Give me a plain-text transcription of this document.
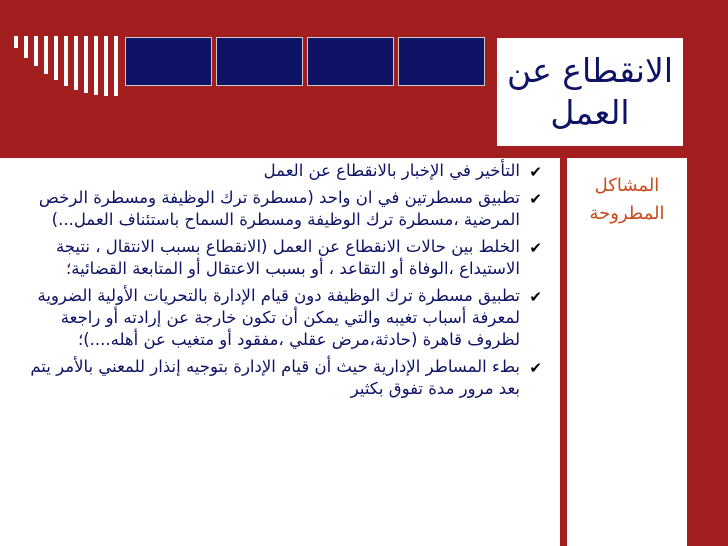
الانقطاع عن العمل
المشاكل المطروحة
✔
التأخير في الإخبار بالانقطاع عن العمل
✔
تطبيق مسطرتين في ان واحد (مسطرة ترك الوظيفة ومسطرة الرخص المرضية ،مسطرة ترك الوظيفة ومسطرة السماح باستئناف العمل...)
✔
الخلط بين حالات الانقطاع عن العمل (الانقطاع بسبب الانتقال ، نتيجة الاستيداع ،الوفاة أو التقاعد ، أو بسبب الاعتقال أو المتابعة القضائية؛
✔
تطبيق مسطرة ترك الوظيفة دون قيام الإدارة بالتحريات الأولية الضروية لمعرفة أسباب تغيبه والتي يمكن أن تكون خارجة عن إرادته أو راجعة لظروف قاهرة (حادثة،مرض عقلي ،مفقود أو متغيب عن أهله....)؛
✔
بطء المساطر الإدارية حيث أن قيام الإدارة بتوجيه إنذار للمعني بالأمر يتم بعد مرور مدة تفوق بكثير
